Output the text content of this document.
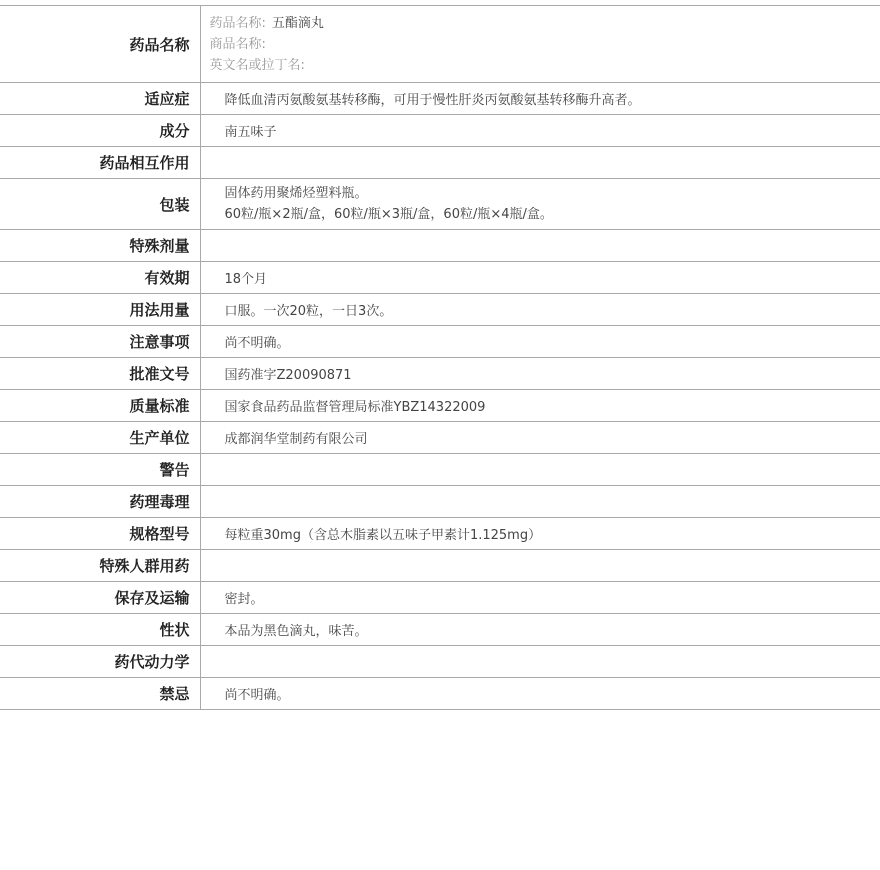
药品名称	药品名称: 五酯滴丸
商品名称:
英文名或拉丁名:

适应症	降低血清丙氨酸氨基转移酶，可用于慢性肝炎丙氨酸氨基转移酶升高者。
成分	南五味子
药品相互作用	
包装	固体药用聚烯烃塑料瓶。
60粒/瓶×2瓶/盒，60粒/瓶×3瓶/盒，60粒/瓶×4瓶/盒。

特殊剂量	
有效期	18个月
用法用量	口服。一次20粒，一日3次。
注意事项	尚不明确。
批准文号	国药准字Z20090871
质量标准	国家食品药品监督管理局标准YBZ14322009
生产单位	成都润华堂制药有限公司
警告	
药理毒理	
规格型号	每粒重30mg（含总木脂素以五味子甲素计1.125mg）
特殊人群用药	
保存及运输	密封。
性状	本品为黑色滴丸，味苦。
药代动力学	
禁忌	尚不明确。
